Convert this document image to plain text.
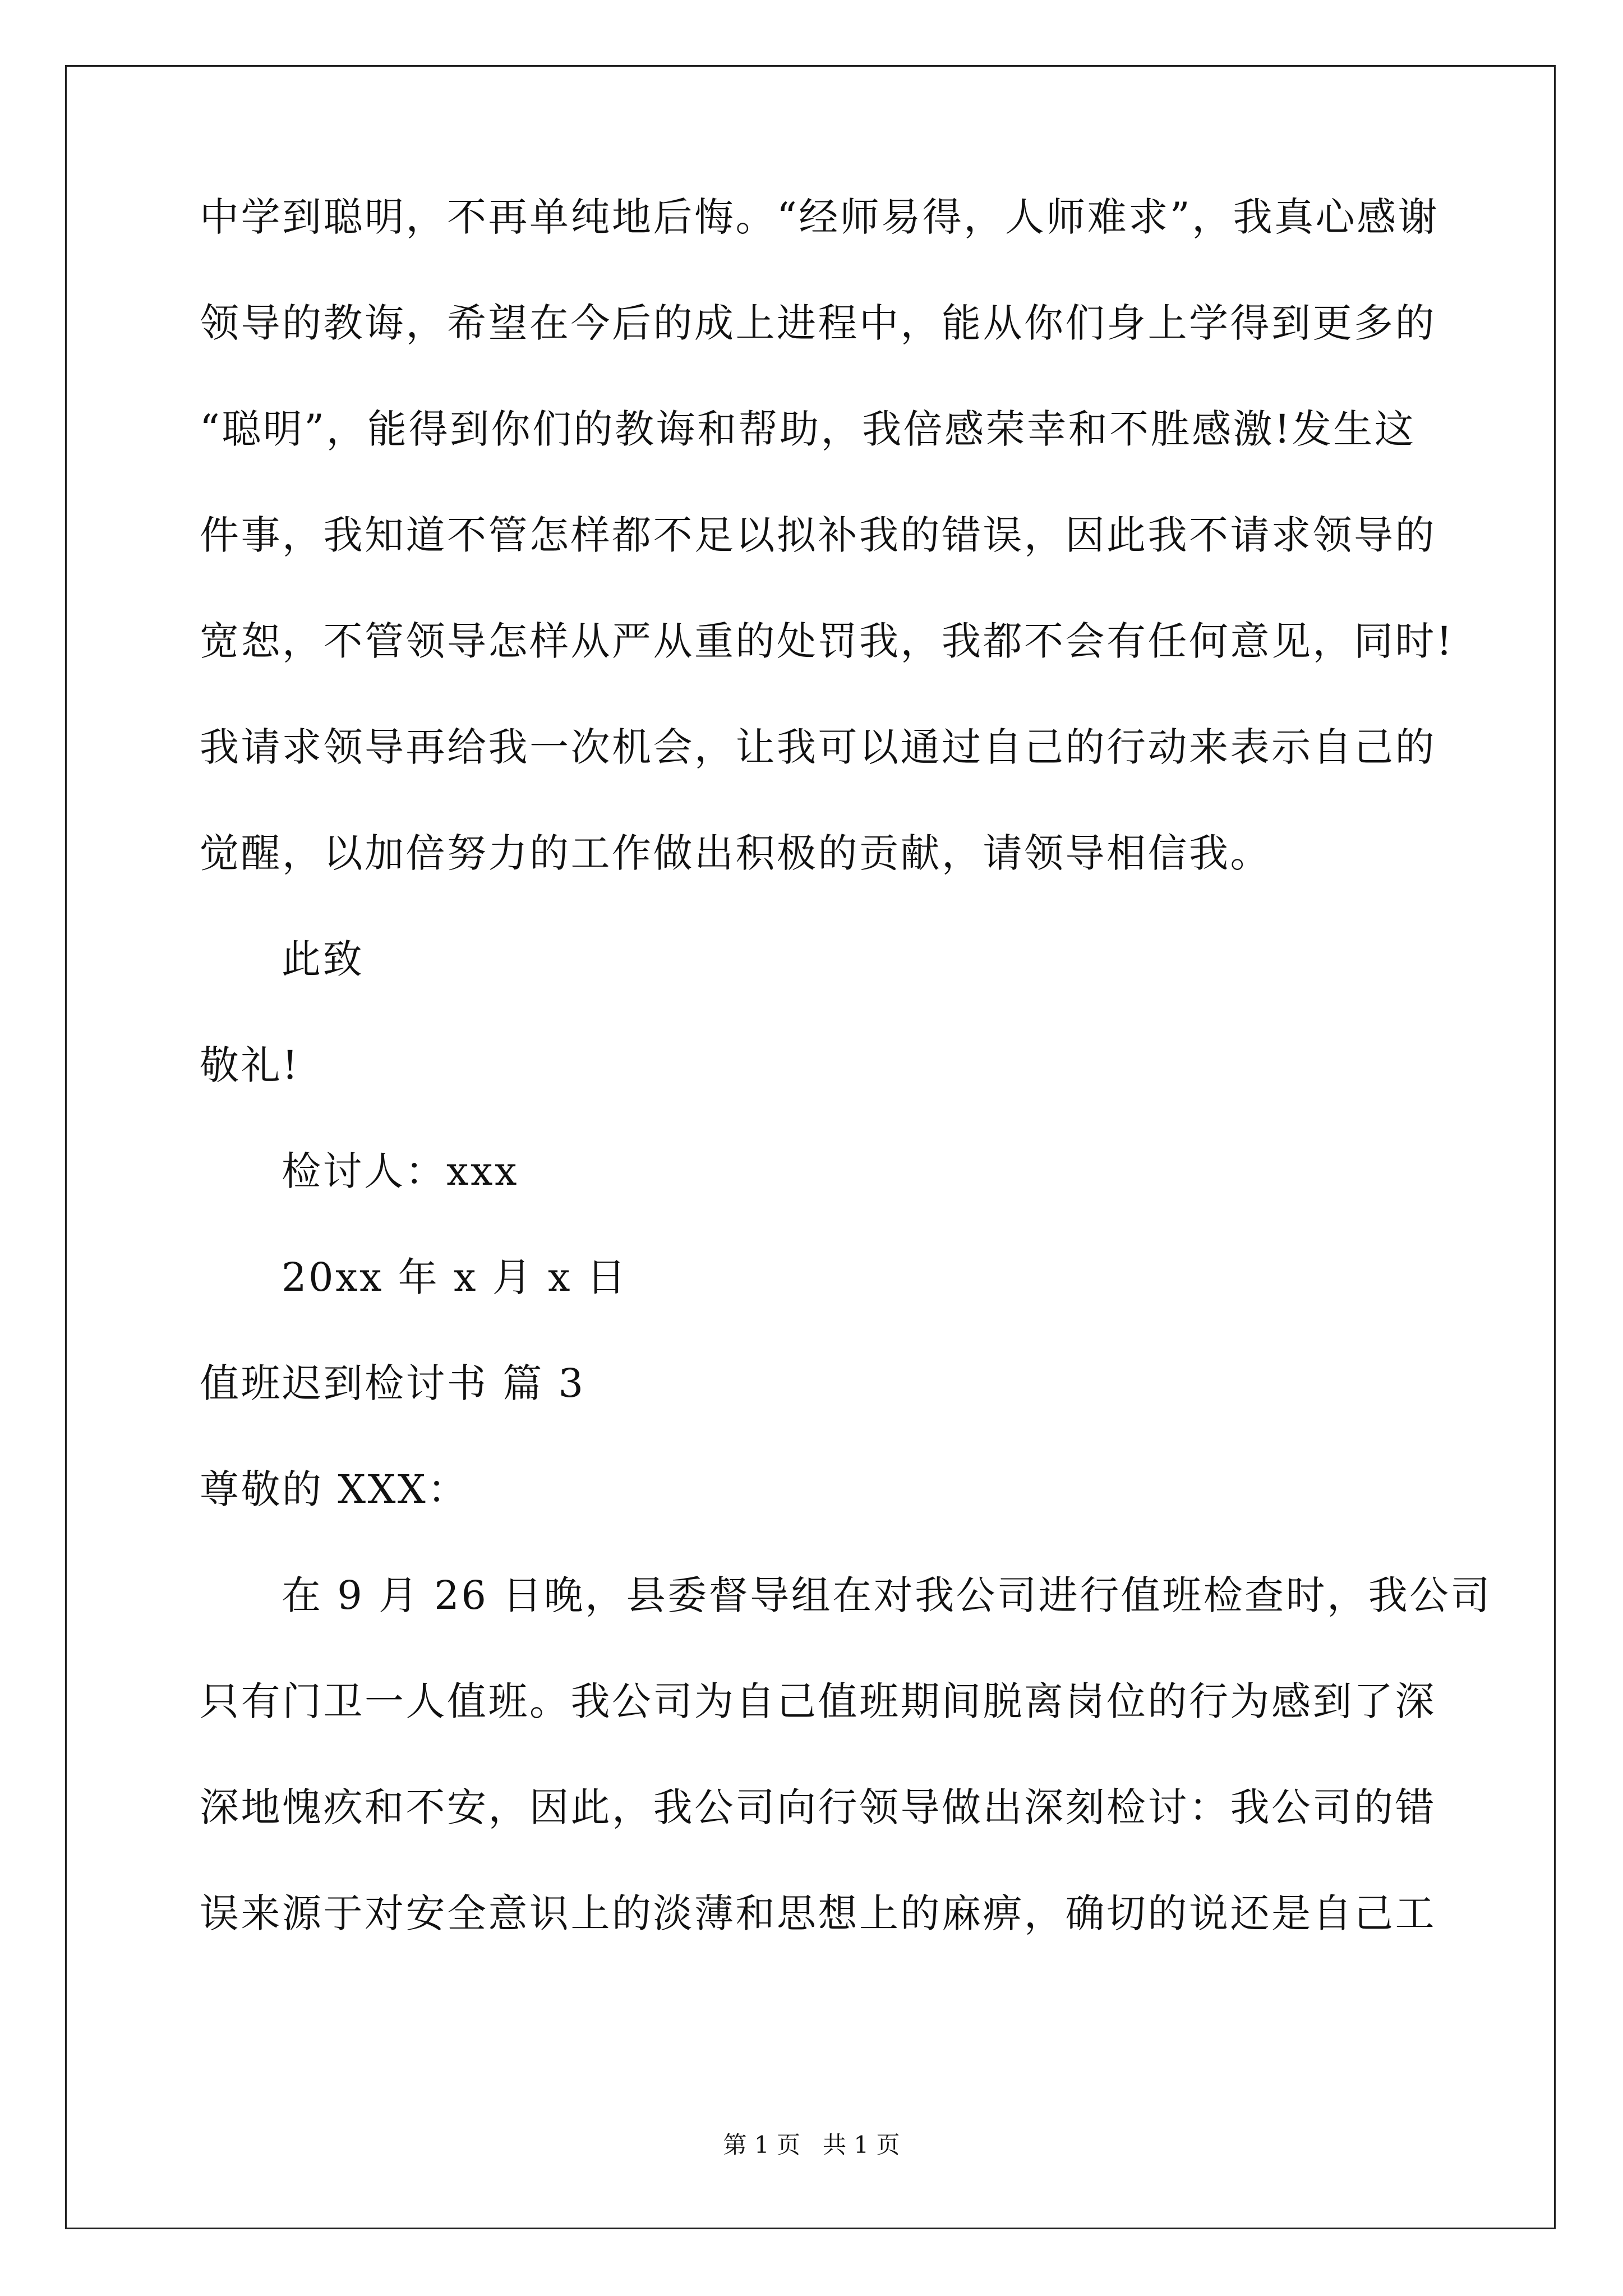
中学到聪明，不再单纯地后悔。“经师易得，人师难求”，我真心感谢
领导的教诲，希望在今后的成上进程中，能从你们身上学得到更多的
“聪明”，能得到你们的教诲和帮助，我倍感荣幸和不胜感激!发生这
件事，我知道不管怎样都不足以拟补我的错误，因此我不请求领导的
宽恕，不管领导怎样从严从重的处罚我，我都不会有任何意见，同时!
我请求领导再给我一次机会，让我可以通过自己的行动来表示自己的
觉醒，以加倍努力的工作做出积极的贡献，请领导相信我。
此致
敬礼!
检讨人：xxx
20xx 年 x 月 x 日
值班迟到检讨书 篇 3
尊敬的 XXX：
在 9 月 26 日晚，县委督导组在对我公司进行值班检查时，我公司
只有门卫一人值班。我公司为自己值班期间脱离岗位的行为感到了深
深地愧疚和不安，因此，我公司向行领导做出深刻检讨：我公司的错
误来源于对安全意识上的淡薄和思想上的麻痹，确切的说还是自己工
第 1 页   共 1 页
